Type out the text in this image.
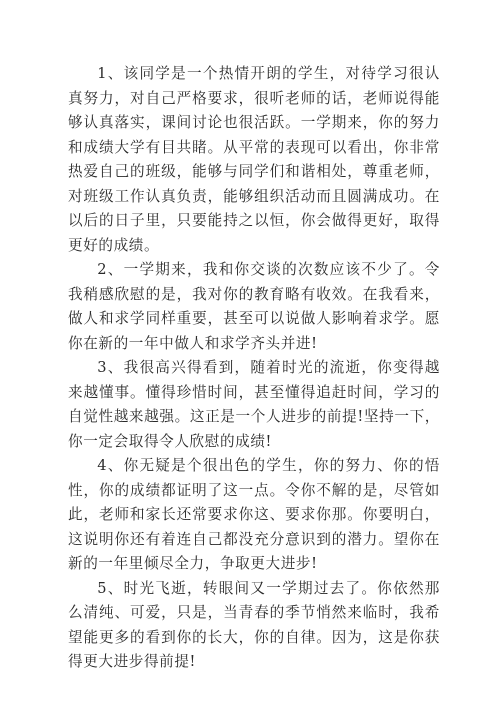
1、该同学是一个热情开朗的学生，对待学习很认真努力，对自己严格要求，很听老师的话，老师说得能够认真落实，课间讨论也很活跃。一学期来，你的努力和成绩大学有目共睹。从平常的表现可以看出，你非常热爱自己的班级，能够与同学们和谐相处，尊重老师，对班级工作认真负责，能够组织活动而且圆满成功。在以后的日子里，只要能持之以恒，你会做得更好，取得更好的成绩。

2、一学期来，我和你交谈的次数应该不少了。令我稍感欣慰的是，我对你的教育略有收效。在我看来，做人和求学同样重要，甚至可以说做人影响着求学。愿你在新的一年中做人和求学齐头并进!

3、我很高兴得看到，随着时光的流逝，你变得越来越懂事。懂得珍惜时间，甚至懂得追赶时间，学习的自觉性越来越强。这正是一个人进步的前提!坚持一下，你一定会取得令人欣慰的成绩!

4、你无疑是个很出色的学生，你的努力、你的悟性，你的成绩都证明了这一点。令你不解的是，尽管如此，老师和家长还常要求你这、要求你那。你要明白，这说明你还有着连自己都没充分意识到的潜力。望你在新的一年里倾尽全力，争取更大进步!

5、时光飞逝，转眼间又一学期过去了。你依然那么清纯、可爱，只是，当青春的季节悄然来临时，我希望能更多的看到你的长大，你的自律。因为，这是你获得更大进步得前提!
